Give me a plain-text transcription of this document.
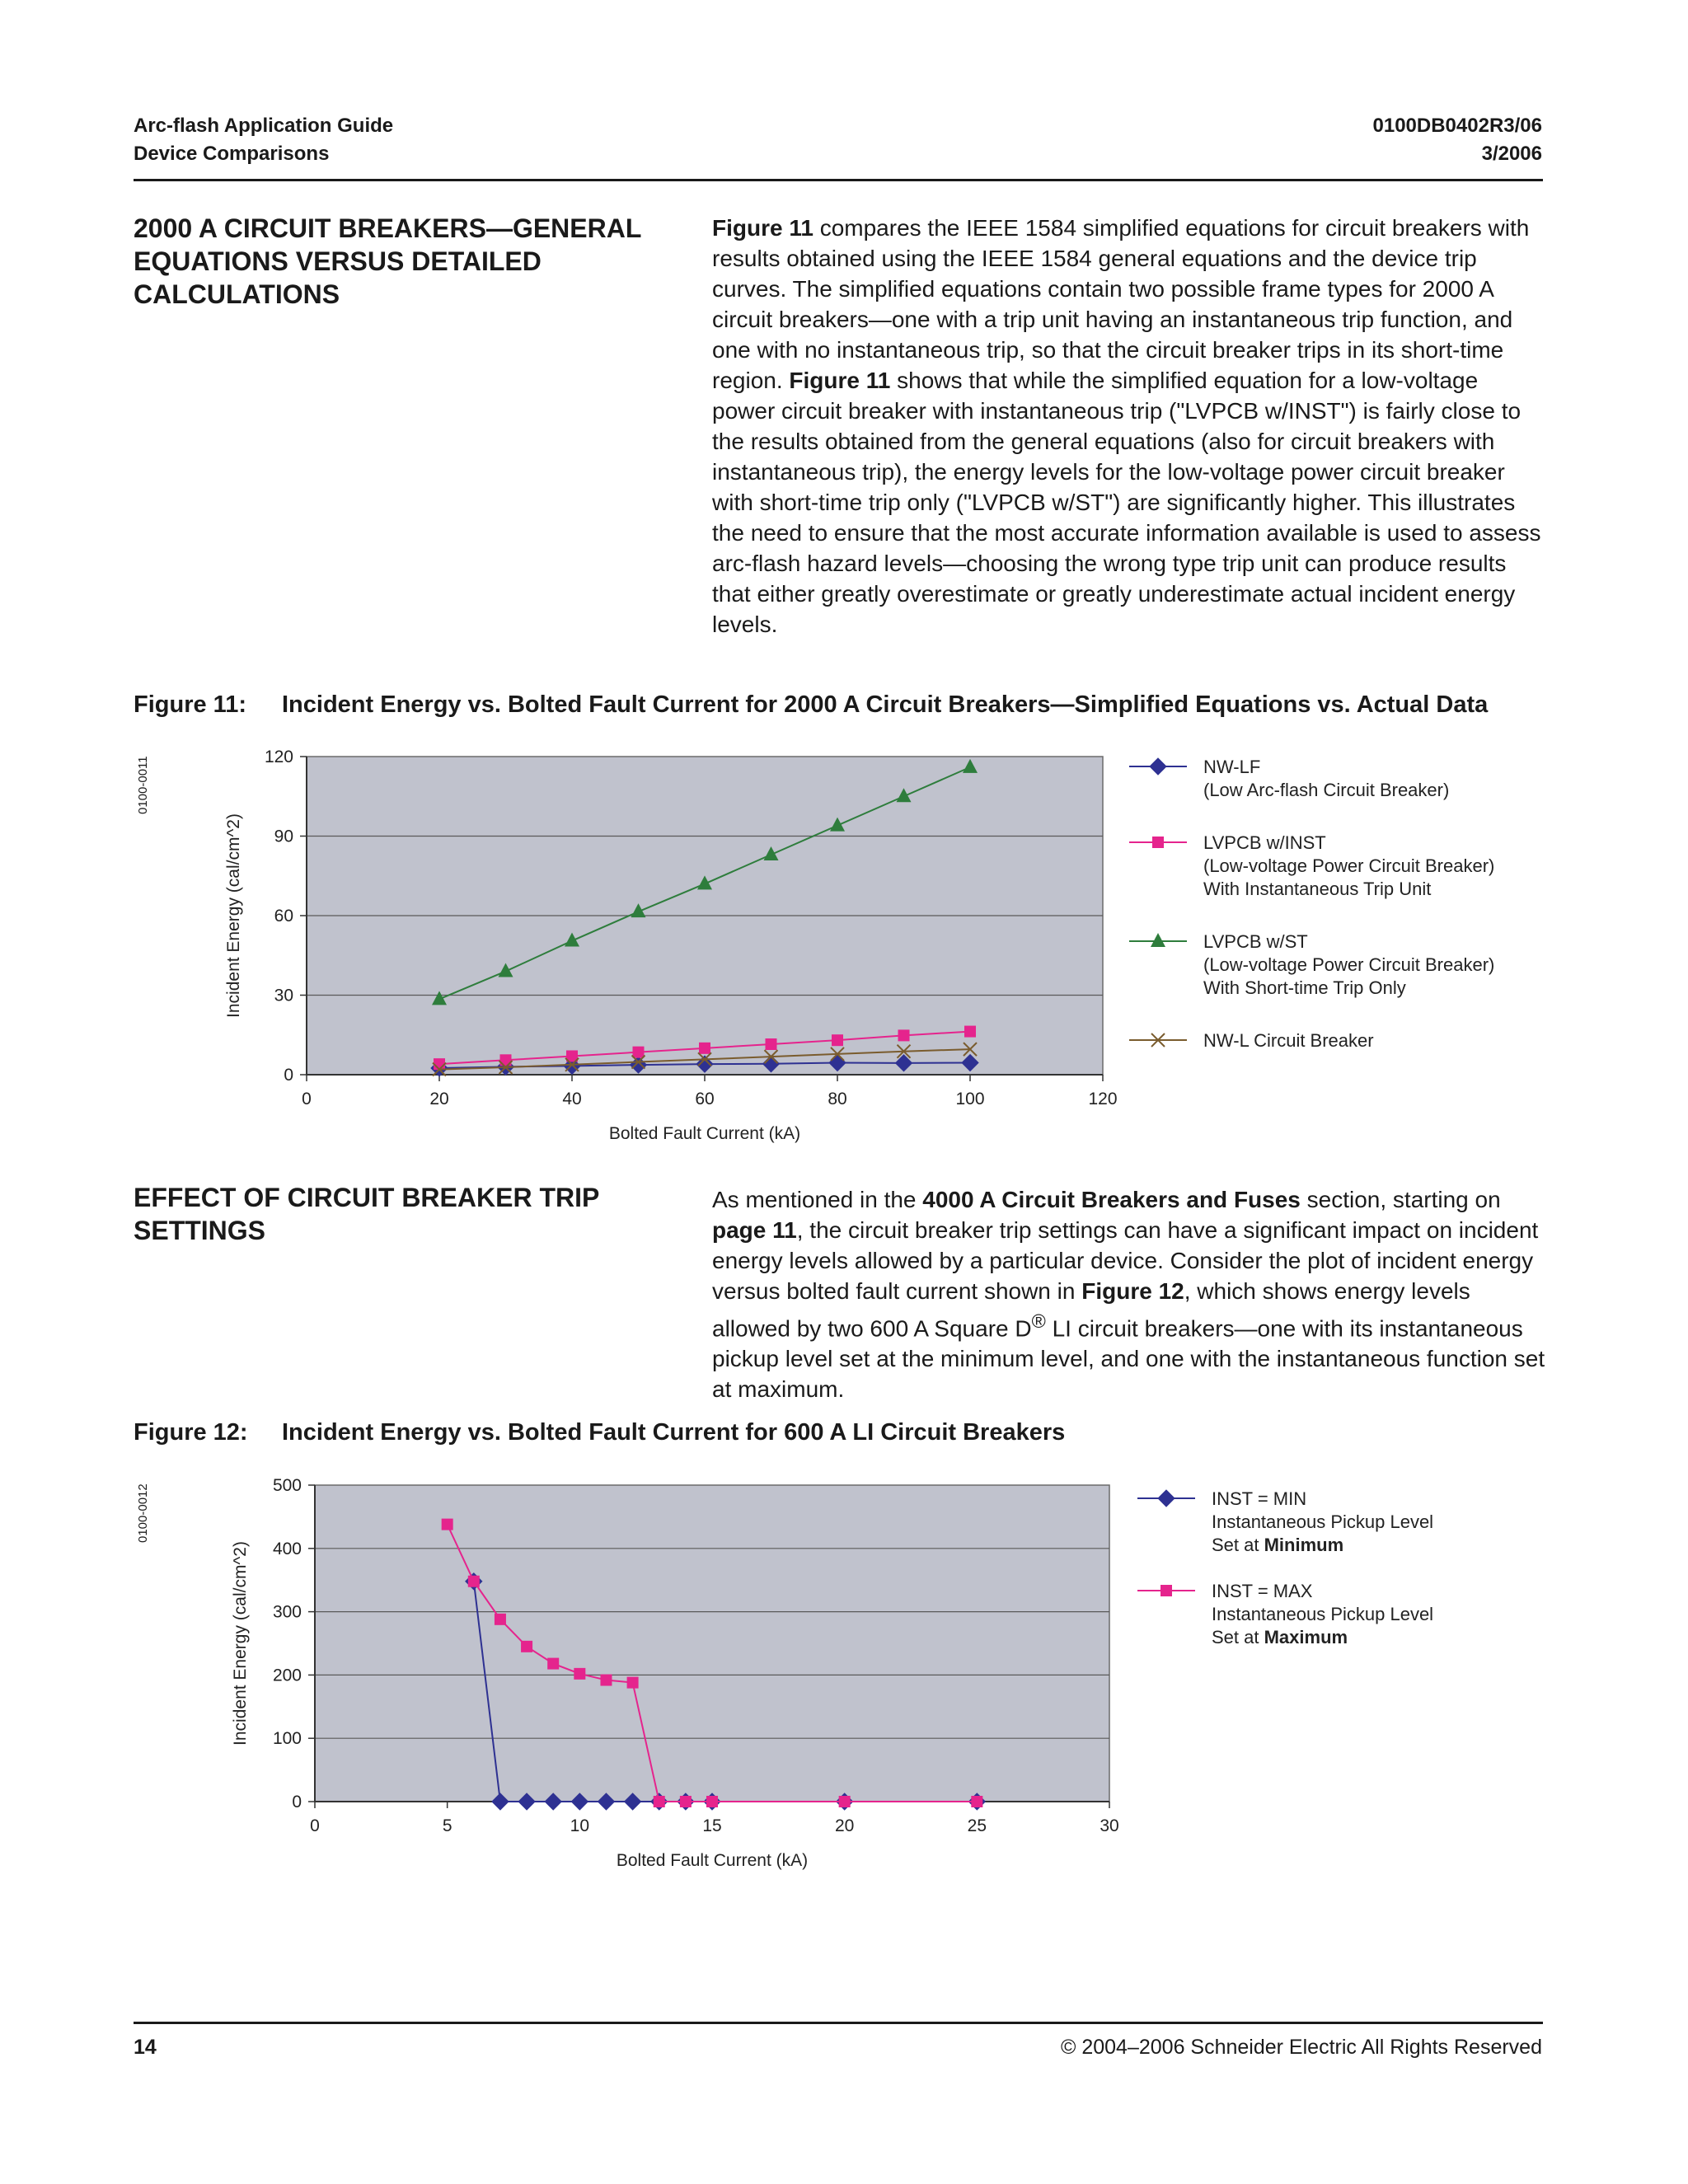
Arc-flash Application Guide
Device Comparisons
0100DB0402R3/06
3/2006
2000 A CIRCUIT BREAKERS—GENERAL EQUATIONS VERSUS DETAILED CALCULATIONS
Figure 11 compares the IEEE 1584 simplified equations for circuit breakers with results obtained using the IEEE 1584 general equations and the device trip curves. The simplified equations contain two possible frame types for 2000 A circuit breakers—one with a trip unit having an instantaneous trip function, and one with no instantaneous trip, so that the circuit breaker trips in its short-time region. Figure 11 shows that while the simplified equation for a low-voltage power circuit breaker with instantaneous trip ("LVPCB w/INST") is fairly close to the results obtained from the general equations (also for circuit breakers with instantaneous trip), the energy levels for the low-voltage power circuit breaker with short-time trip only ("LVPCB w/ST") are significantly higher. This illustrates the need to ensure that the most accurate information available is used to assess arc-flash hazard levels—choosing the wrong type trip unit can produce results that either greatly overestimate or greatly underestimate actual incident energy levels.
Figure 11: Incident Energy vs. Bolted Fault Current for 2000 A Circuit Breakers—Simplified Equations vs. Actual Data
0100-0011
0
30
60
90
120
0	20	40	60	80	100	120
Bolted Fault Current (kA)
Incident Energy (cal/cm^2)
NW-LF
(Low Arc-flash Circuit Breaker)
LVPCB w/INST
(Low-voltage Power Circuit Breaker)
With Instantaneous Trip Unit
LVPCB w/ST
(Low-voltage Power Circuit Breaker)
With Short-time Trip Only
NW-L Circuit Breaker
EFFECT OF CIRCUIT BREAKER TRIP SETTINGS
As mentioned in the 4000 A Circuit Breakers and Fuses section, starting on page 11, the circuit breaker trip settings can have a significant impact on incident energy levels allowed by a particular device. Consider the plot of incident energy versus bolted fault current shown in Figure 12, which shows energy levels allowed by two 600 A Square D® LI circuit breakers—one with its instantaneous pickup level set at the minimum level, and one with the instantaneous function set at maximum.
Figure 12: Incident Energy vs. Bolted Fault Current for 600 A LI Circuit Breakers
0100-0012
0
100
200
300
400
500
0	5	10	15	20	25	30
Bolted Fault Current (kA)
Incident Energy (cal/cm^2)
INST = MIN
Instantaneous Pickup Level
Set at Minimum
INST = MAX
Instantaneous Pickup Level
Set at Maximum
14	© 2004–2006 Schneider Electric All Rights Reserved
